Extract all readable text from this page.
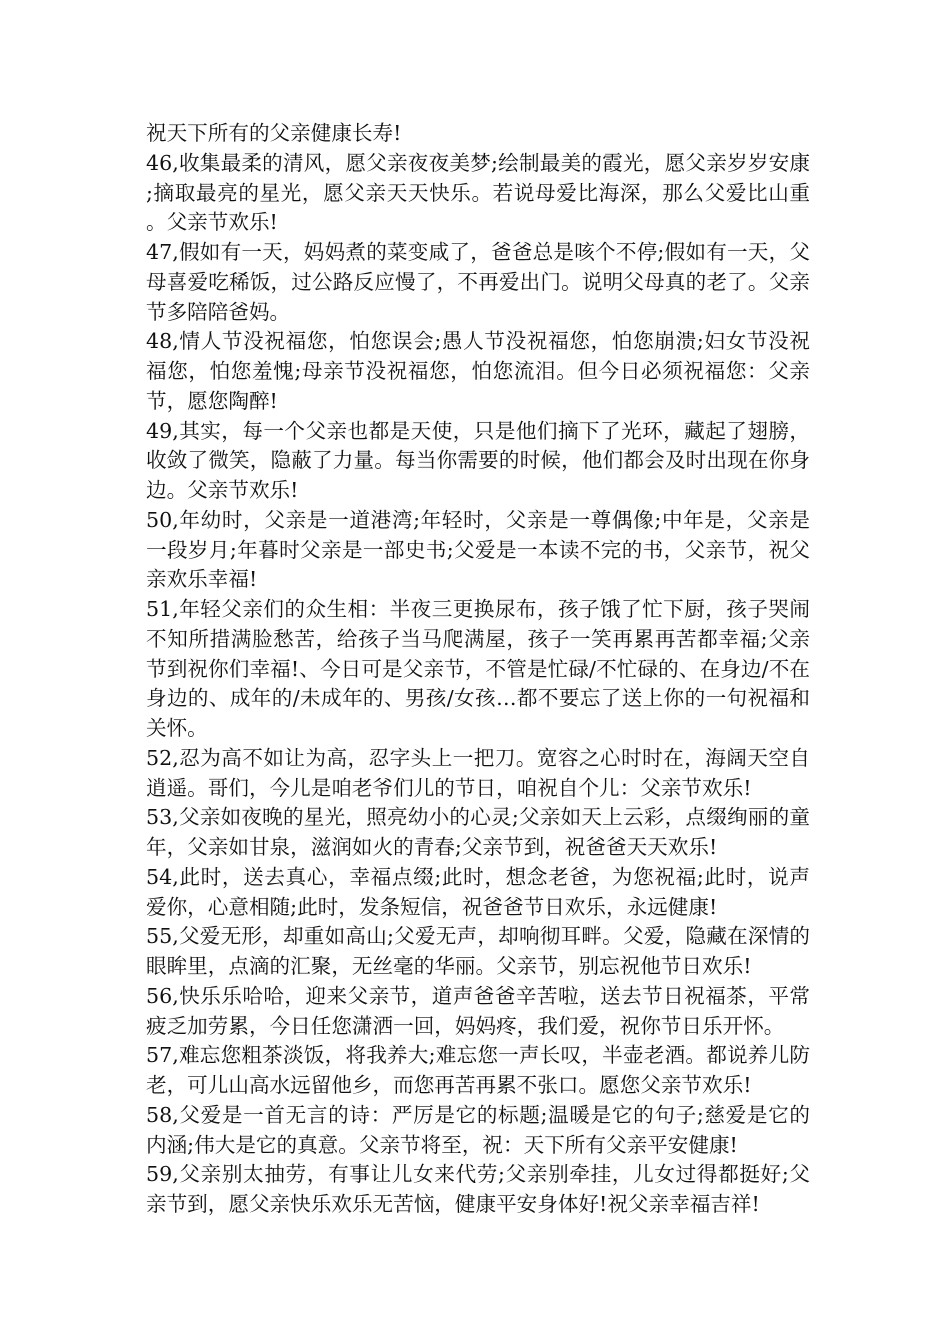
祝天下所有的父亲健康长寿!

46,收集最柔的清风，愿父亲夜夜美梦;绘制最美的霞光，愿父亲岁岁安康;摘取最亮的星光，愿父亲天天快乐。若说母爱比海深，那么父爱比山重。父亲节欢乐!

47,假如有一天，妈妈煮的菜变咸了，爸爸总是咳个不停;假如有一天，父母喜爱吃稀饭，过公路反应慢了，不再爱出门。说明父母真的老了。父亲节多陪陪爸妈。

48,情人节没祝福您，怕您误会;愚人节没祝福您，怕您崩溃;妇女节没祝福您，怕您羞愧;母亲节没祝福您，怕您流泪。但今日必须祝福您：父亲节，愿您陶醉!

49,其实，每一个父亲也都是天使，只是他们摘下了光环，藏起了翅膀，收敛了微笑，隐蔽了力量。每当你需要的时候，他们都会及时出现在你身边。父亲节欢乐!

50,年幼时，父亲是一道港湾;年轻时，父亲是一尊偶像;中年是，父亲是一段岁月;年暮时父亲是一部史书;父爱是一本读不完的书，父亲节，祝父亲欢乐幸福!

51,年轻父亲们的众生相：半夜三更换尿布，孩子饿了忙下厨，孩子哭闹不知所措满脸愁苦，给孩子当马爬满屋，孩子一笑再累再苦都幸福;父亲节到祝你们幸福!、今日可是父亲节，不管是忙碌/不忙碌的、在身边/不在身边的、成年的/未成年的、男孩/女孩…都不要忘了送上你的一句祝福和关怀。

52,忍为高不如让为高，忍字头上一把刀。宽容之心时时在，海阔天空自逍遥。哥们，今儿是咱老爷们儿的节日，咱祝自个儿：父亲节欢乐!

53,父亲如夜晚的星光，照亮幼小的心灵;父亲如天上云彩，点缀绚丽的童年，父亲如甘泉，滋润如火的青春;父亲节到，祝爸爸天天欢乐!

54,此时，送去真心，幸福点缀;此时，想念老爸，为您祝福;此时，说声爱你，心意相随;此时，发条短信，祝爸爸节日欢乐，永远健康!

55,父爱无形，却重如高山;父爱无声，却响彻耳畔。父爱，隐藏在深情的眼眸里，点滴的汇聚，无丝毫的华丽。父亲节，别忘祝他节日欢乐!

56,快乐乐哈哈，迎来父亲节，道声爸爸辛苦啦，送去节日祝福茶，平常疲乏加劳累，今日任您潇洒一回，妈妈疼，我们爱，祝你节日乐开怀。

57,难忘您粗茶淡饭，将我养大;难忘您一声长叹，半壶老酒。都说养儿防老，可儿山高水远留他乡，而您再苦再累不张口。愿您父亲节欢乐!

58,父爱是一首无言的诗：严厉是它的标题;温暖是它的句子;慈爱是它的内涵;伟大是它的真意。父亲节将至，祝：天下所有父亲平安健康!

59,父亲别太抽劳，有事让儿女来代劳;父亲别牵挂，儿女过得都挺好;父亲节到，愿父亲快乐欢乐无苦恼，健康平安身体好!祝父亲幸福吉祥!
